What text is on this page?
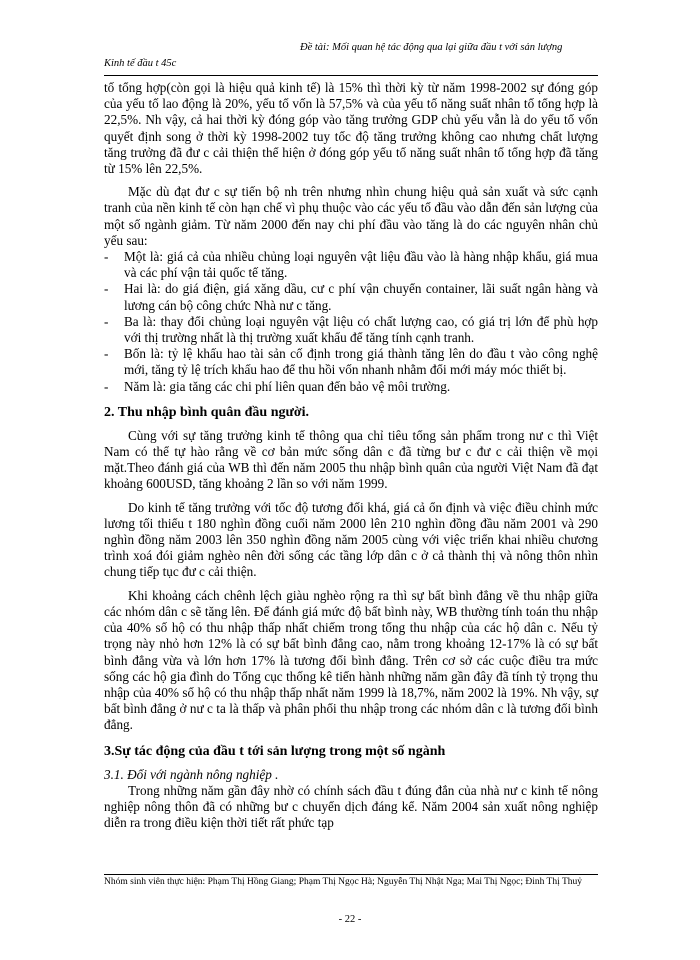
Đề tài: Mối quan hệ tác động qua lại giữa đầu t với sản lượng
Kinh tế đầu t 45c

tố tổng hợp(còn gọi là hiệu quả kinh tế) là 15% thì thời kỳ từ năm 1998-2002 sự đóng góp của yếu tố lao động là 20%, yếu tố vốn là 57,5% và của yếu tố năng suất nhân tố tổng hợp là 22,5%. Nh vậy, cả hai thời kỳ đóng góp vào tăng trưởng GDP chủ yếu vẫn là do yếu tố vốn quyết định song ở thời kỳ 1998-2002 tuy tốc độ tăng trưởng không cao nhưng chất lượng tăng trưởng đã đư c cải thiện thể hiện ở đóng góp yếu tố năng suất nhân tố tổng hợp đã tăng từ 15% lên 22,5%.

Mặc dù đạt đư c sự tiến bộ nh trên nhưng nhìn chung hiệu quả sản xuất và sức cạnh tranh của nền kinh tế còn hạn chế vì phụ thuộc vào các yếu tố đầu vào dẫn đến sản lượng của một số ngành giảm. Từ năm 2000 đến nay chi phí đầu vào tăng là do các nguyên nhân chủ yếu sau:

- Một là: giá cả của nhiều chủng loại nguyên vật liệu đầu vào là hàng nhập khẩu, giá mua và các phí vận tải quốc tế tăng.
- Hai là: do giá điện, giá xăng dầu, cư c phí vận chuyển container, lãi suất ngân hàng và lương cán bộ công chức Nhà nư c tăng.
- Ba là: thay đổi chủng loại nguyên vật liệu có chất lượng cao, có giá trị lớn để phù hợp với thị trường nhất là thị trường xuất khẩu để tăng tính cạnh tranh.
- Bốn là: tỷ lệ khấu hao tài sản cố định trong giá thành tăng lên do đầu t vào công nghệ mới, tăng tỷ lệ trích khấu hao để thu hồi vốn nhanh nhằm đổi mới máy móc thiết bị.
- Năm là: gia tăng các chi phí liên quan đến bảo vệ môi trường.
2. Thu nhập bình quân đầu người.

Cùng với sự tăng trưởng kinh tế thông qua chỉ tiêu tổng sản phẩm trong nư c thì Việt Nam có thể tự hào rằng về cơ bản mức sống dân c đã từng bư c đư c cải thiện về mọi mặt.Theo đánh giá của WB thì đến năm 2005 thu nhập bình quân của người Việt Nam đã đạt khoảng 600USD, tăng khoảng 2 lần so với năm 1999.

Do kinh tế tăng trưởng với tốc độ tương đối khá, giá cả ổn định và việc điều chỉnh mức lương tối thiểu t 180 nghìn đồng cuối năm 2000 lên 210 nghìn đồng đầu năm 2001 và 290 nghìn đồng năm 2003 lên 350 nghìn đồng năm 2005 cùng với việc triển khai nhiều chương trình xoá đói giảm nghèo nên đời sống các tầng lớp dân c ở cả thành thị và nông thôn nhìn chung tiếp tục đư c cải thiện.

Khi khoảng cách chênh lệch giàu nghèo rộng ra thì sự bất bình đẳng về thu nhập giữa các nhóm dân c sẽ tăng lên. Để đánh giá mức độ bất bình này, WB thường tính toán thu nhập của 40% số hộ có thu nhập thấp nhất chiếm trong tổng thu nhập của các hộ dân c. Nếu tỷ trọng này nhỏ hơn 12% là có sự bất bình đẳng cao, nằm trong khoảng 12-17% là có sự bất bình đẳng vừa và lớn hơn 17% là tương đối bình đẳng. Trên cơ sở các cuộc điều tra mức sống các hộ gia đình do Tổng cục thống kê tiến hành những năm gần đây đã tính tỷ trọng thu nhập của 40% số hộ có thu nhập thấp nhất năm 1999 là 18,7%, năm 2002 là 19%. Nh vậy, sự bất bình đẳng ở nư c ta là thấp và phân phối thu nhập trong các nhóm dân c là tương đối bình đẳng.

3.Sự tác động của đầu t tới sản lượng trong một số ngành
3.1. Đối với ngành nông nghiệp .

Trong những năm gần đây nhờ có chính sách đầu t đúng đắn của nhà nư c kinh tế nông nghiệp nông thôn đã có những bư c chuyển dịch đáng kể. Năm 2004 sản xuất nông nghiệp diễn ra trong điều kiện thời tiết rất phức tạp

Nhóm sinh viên thực hiện: Phạm Thị Hồng Giang; Phạm Thị Ngọc Hà; Nguyễn Thị Nhật Nga; Mai Thị Ngọc; Đinh Thị Thuỷ
- 22 -
